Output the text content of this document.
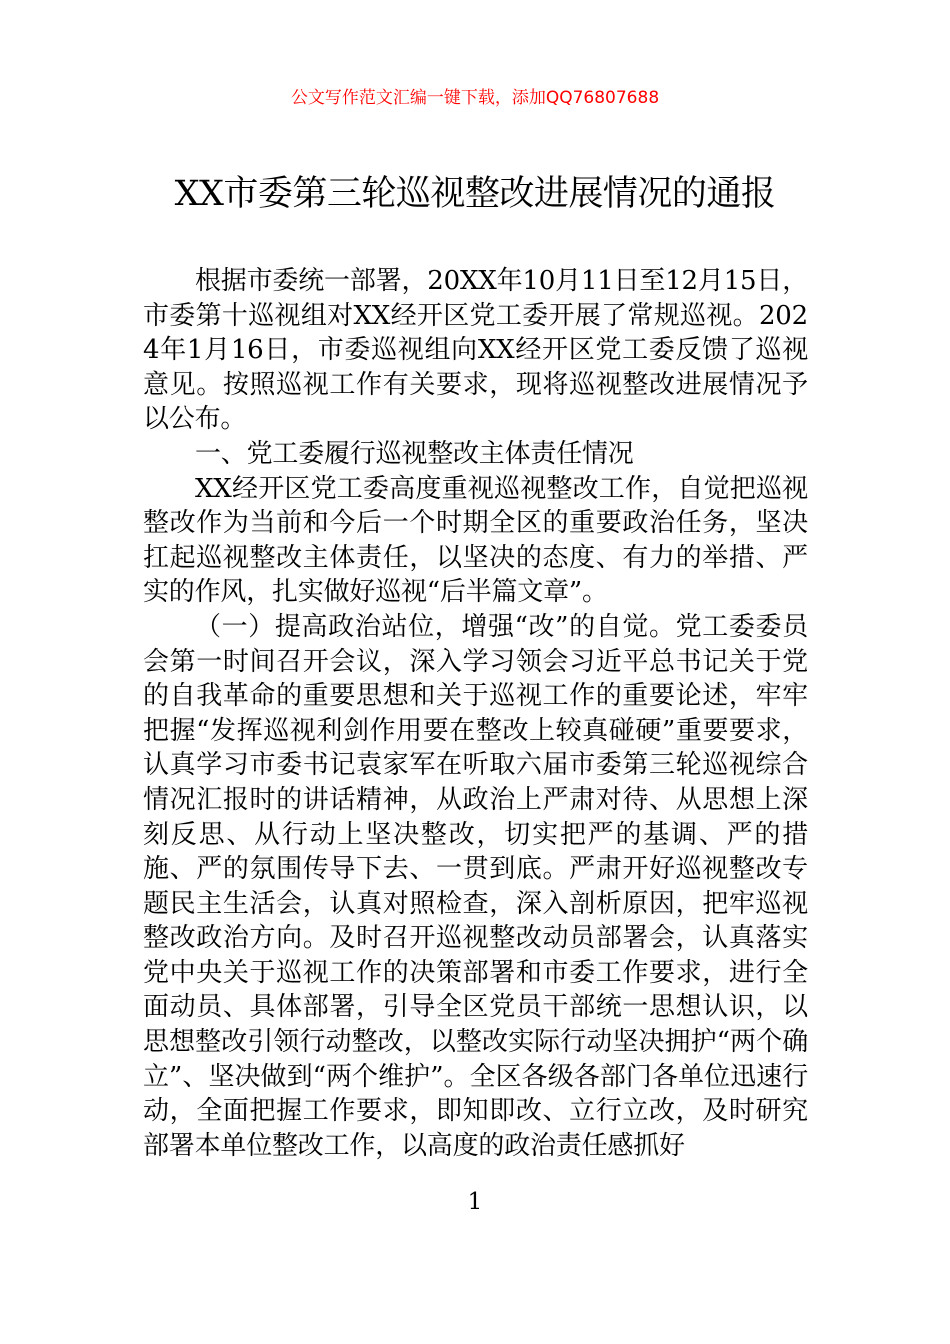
公文写作范文汇编一键下载，添加QQ76807688
XX市委第三轮巡视整改进展情况的通报

根据市委统一部署，20XX年10月11日至12月15日，市委第十巡视组对XX经开区党工委开展了常规巡视。2024年1月16日，市委巡视组向XX经开区党工委反馈了巡视意见。按照巡视工作有关要求，现将巡视整改进展情况予以公布。

一、党工委履行巡视整改主体责任情况

XX经开区党工委高度重视巡视整改工作，自觉把巡视整改作为当前和今后一个时期全区的重要政治任务，坚决扛起巡视整改主体责任，以坚决的态度、有力的举措、严实的作风，扎实做好巡视“后半篇文章”。

（一）提高政治站位，增强“改”的自觉。党工委委员会第一时间召开会议，深入学习领会习近平总书记关于党的自我革命的重要思想和关于巡视工作的重要论述，牢牢把握“发挥巡视利剑作用要在整改上较真碰硬”重要要求，认真学习市委书记袁家军在听取六届市委第三轮巡视综合情况汇报时的讲话精神，从政治上严肃对待、从思想上深刻反思、从行动上坚决整改，切实把严的基调、严的措施、严的氛围传导下去、一贯到底。严肃开好巡视整改专题民主生活会，认真对照检查，深入剖析原因，把牢巡视整改政治方向。及时召开巡视整改动员部署会，认真落实党中央关于巡视工作的决策部署和市委工作要求，进行全面动员、具体部署，引导全区党员干部统一思想认识，以思想整改引领行动整改，以整改实际行动坚决拥护“两个确立”、坚决做到“两个维护”。全区各级各部门各单位迅速行动，全面把握工作要求，即知即改、立行立改，及时研究部署本单位整改工作，以高度的政治责任感抓好

1
